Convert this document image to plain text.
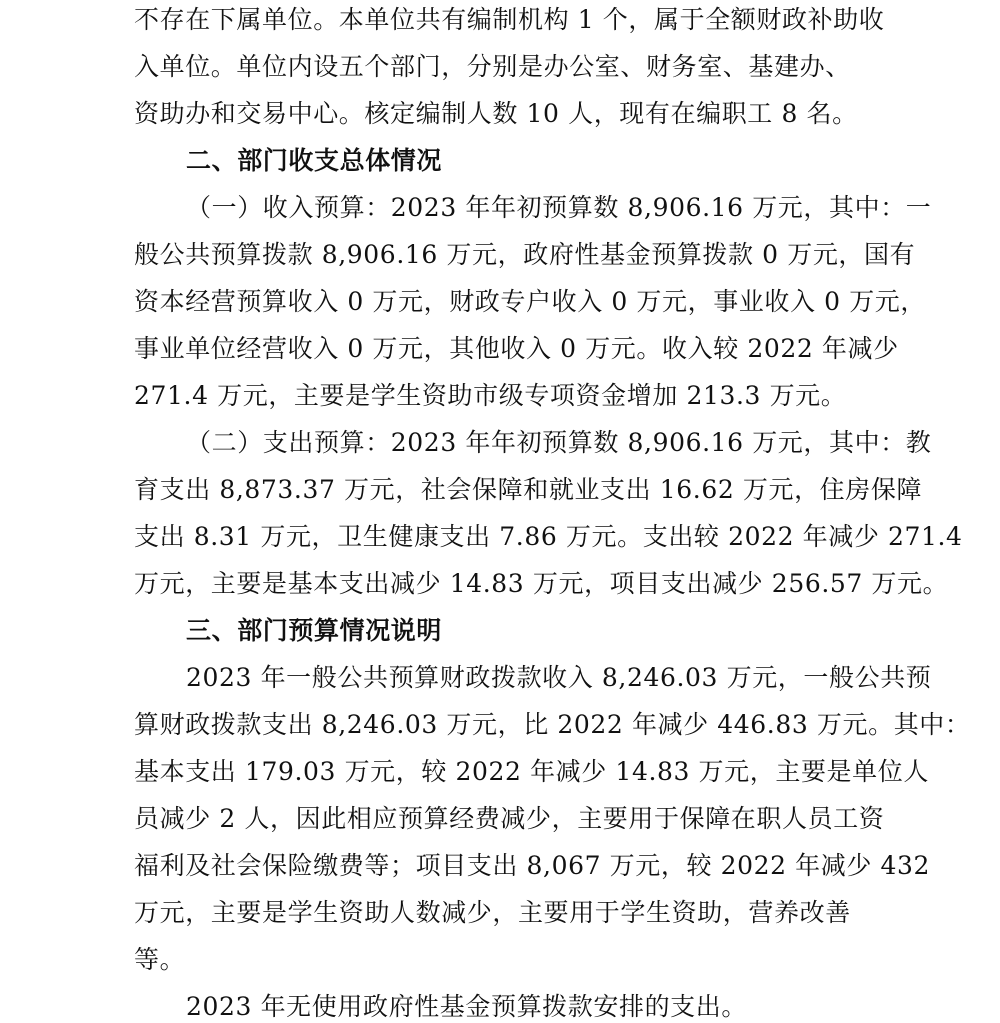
不存在下属单位。本单位共有编制机构 1 个，属于全额财政补助收
入单位。单位内设五个部门，分别是办公室、财务室、基建办、
资助办和交易中心。核定编制人数 10 人，现有在编职工 8 名。
二、部门收支总体情况
（一）收入预算：2023 年年初预算数 8,906.16 万元，其中：一
般公共预算拨款 8,906.16 万元，政府性基金预算拨款 0 万元，国有
资本经营预算收入 0 万元，财政专户收入 0 万元，事业收入 0 万元，
事业单位经营收入 0 万元，其他收入 0 万元。收入较 2022 年减少
271.4 万元，主要是学生资助市级专项资金增加 213.3 万元。
（二）支出预算：2023 年年初预算数 8,906.16 万元，其中：教
育支出 8,873.37 万元，社会保障和就业支出 16.62 万元，住房保障
支出 8.31 万元，卫生健康支出 7.86 万元。支出较 2022 年减少 271.4
万元，主要是基本支出减少 14.83 万元，项目支出减少 256.57 万元。
三、部门预算情况说明
2023 年一般公共预算财政拨款收入 8,246.03 万元，一般公共预
算财政拨款支出 8,246.03 万元，比 2022 年减少 446.83 万元。其中：
基本支出 179.03 万元，较 2022 年减少 14.83 万元，主要是单位人
员减少 2 人，因此相应预算经费减少，主要用于保障在职人员工资
福利及社会保险缴费等；项目支出 8,067 万元，较 2022 年减少 432
万元，主要是学生资助人数减少，主要用于学生资助，营养改善
等。
2023 年无使用政府性基金预算拨款安排的支出。
